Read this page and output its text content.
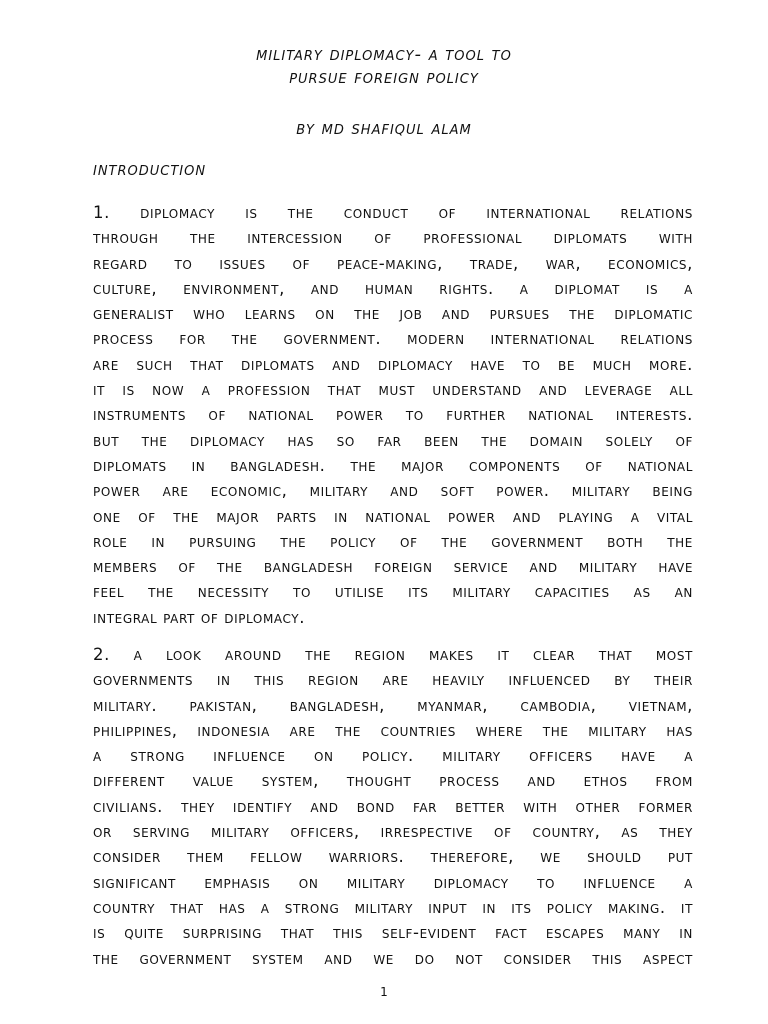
military diplomacy- a tool to
pursue foreign policy
by md shafiqul alam
introduction
1. diplomacy is the conduct of international relations
through the intercession of professional diplomats with
regard to issues of peace-making, trade, war, economics,
culture, environment, and human rights. a diplomat is a
generalist who learns on the job and pursues the diplomatic
process for the government. modern international relations
are such that diplomats and diplomacy have to be much more.
it is now a profession that must understand and leverage all
instruments of national power to further national interests.
but the diplomacy has so far been the domain solely of
diplomats in bangladesh. the major components of national
power are economic, military and soft power. military being
one of the major parts in national power and playing a vital
role in pursuing the policy of the government both the
members of the bangladesh foreign service and military have
feel the necessity to utilise its military capacities as an
integral part of diplomacy.
2. a look around the region makes it clear that most
governments in this region are heavily influenced by their
military. pakistan, bangladesh, myanmar, cambodia, vietnam,
philippines, indonesia are the countries where the military has
a strong influence on policy. military officers have a
different value system, thought process and ethos from
civilians. they identify and bond far better with other former
or serving military officers, irrespective of country, as they
consider them fellow warriors. therefore, we should put
significant emphasis on military diplomacy to influence a
country that has a strong military input in its policy making. it
is quite surprising that this self-evident fact escapes many in
the government system and we do not consider this aspect
1
